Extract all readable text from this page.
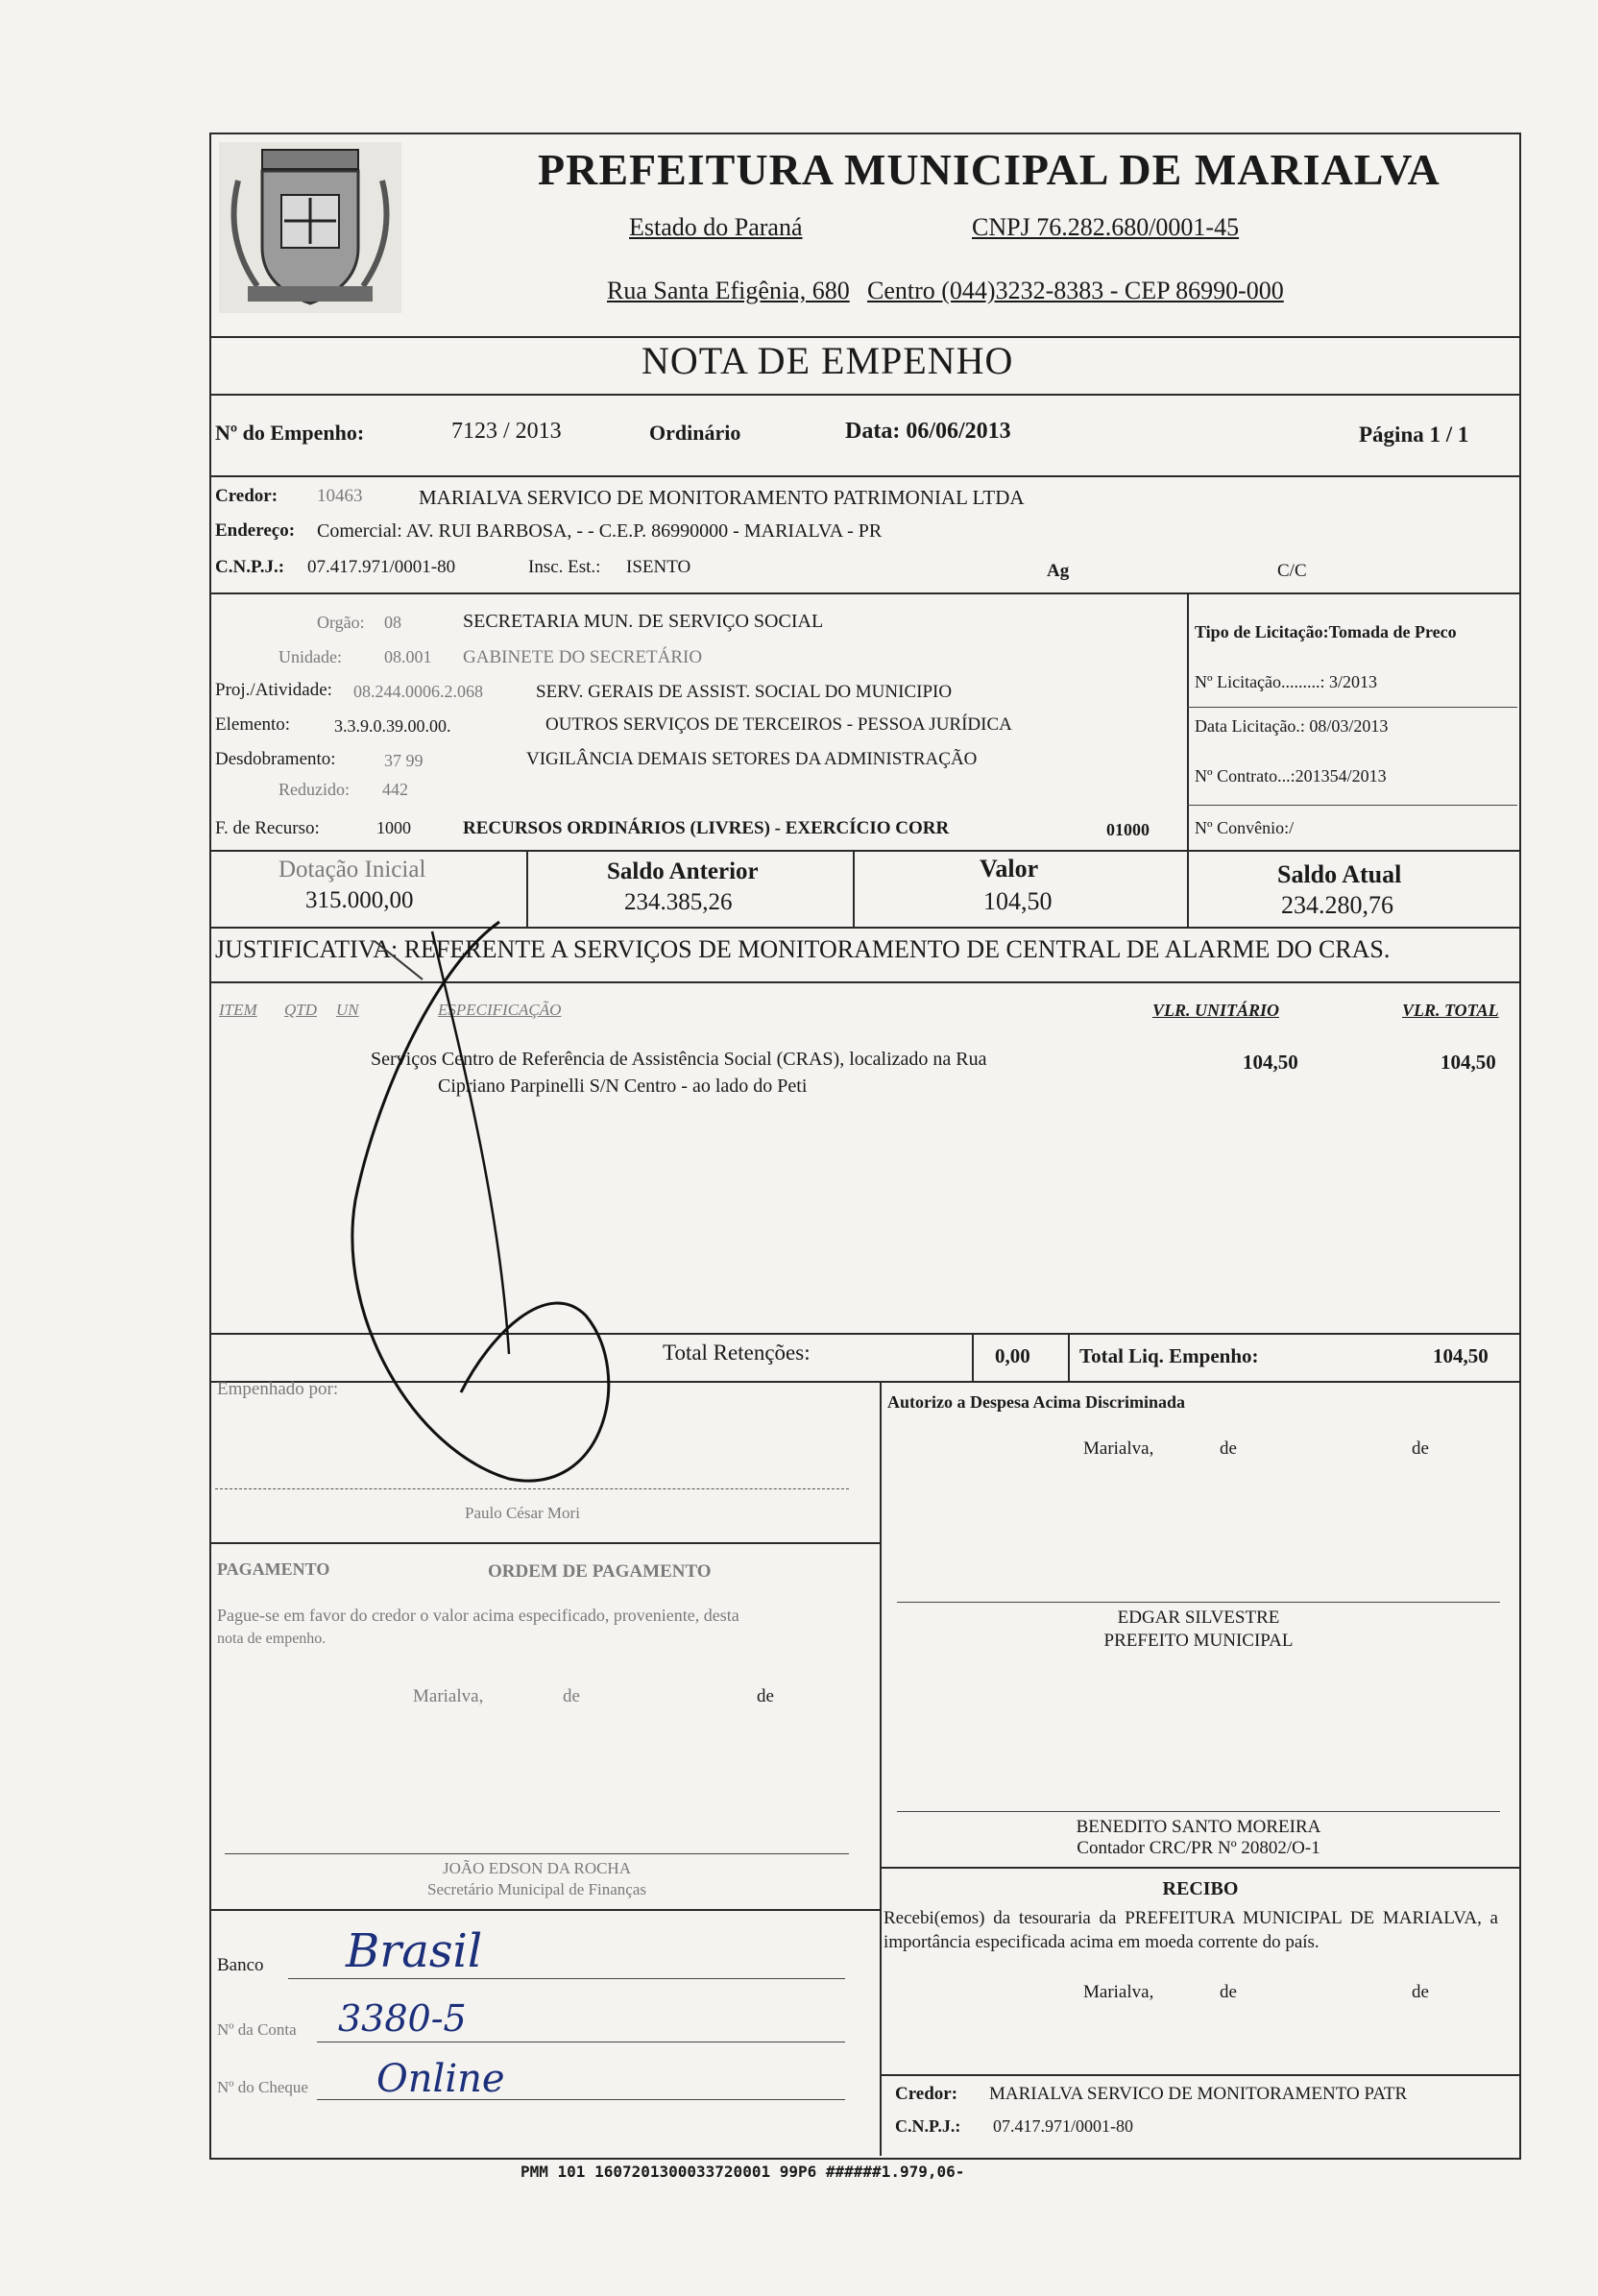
PREFEITURA MUNICIPAL DE MARIALVA
Estado do Paraná	CNPJ 76.282.680/0001-45
Rua Santa Efigênia, 680 Centro (044)3232-8383 - CEP 86990-000
NOTA DE EMPENHO
Nº do Empenho:	7123 / 2013	Ordinário	Data: 06/06/2013	Página 1 / 1
Credor: 10463	MARIALVA SERVICO DE MONITORAMENTO PATRIMONIAL LTDA
Endereço: Comercial: AV. RUI BARBOSA, - - C.E.P. 86990000 - MARIALVA - PR
C.N.P.J.: 07.417.971/0001-80	Insc. Est.: ISENTO	Ag	C/C
Orgão: 08	SECRETARIA MUN. DE SERVIÇO SOCIAL
Unidade: 08.001 GABINETE DO SECRETÁRIO
Proj./Atividade: 08.244.0006.2.068	SERV. GERAIS DE ASSIST. SOCIAL DO MUNICIPIO
Elemento:	3.3.9.0.39.00.00.	OUTROS SERVIÇOS DE TERCEIROS - PESSOA JURÍDICA
Desdobramento:	37 99	VIGILÂNCIA DEMAIS SETORES DA ADMINISTRAÇÃO
Reduzido: 442
F. de Recurso:	1000	RECURSOS ORDINÁRIOS (LIVRES) - EXERCÍCIO CORR	01000
Tipo de Licitação:Tomada de Preco
Nº Licitação.........: 3/2013
Data Licitação.: 08/03/2013
Nº Contrato...:201354/2013
Nº Convênio:/
Dotação Inicial
315.000,00
Saldo Anterior
234.385,26
Valor
104,50
Saldo Atual
234.280,76
JUSTIFICATIVA: REFERENTE A SERVIÇOS DE MONITORAMENTO DE CENTRAL DE ALARME DO CRAS.
ITEM QTD UN	ESPECIFICAÇÃO	VLR. UNITÁRIO	VLR. TOTAL
Serviços Centro de Referência de Assistência Social (CRAS), localizado na Rua
Cipriano Parpinelli S/N Centro - ao lado do Peti
104,50	104,50
Total Retenções:	0,00 Total Liq. Empenho:	104,50
Empenhado por:
Paulo César Mori
Autorizo a Despesa Acima Discriminada
Marialva,	de	de
PAGAMENTO	ORDEM DE PAGAMENTO
Pague-se em favor do credor o valor acima especificado, proveniente, desta
nota de empenho.
Marialva,	de	de
EDGAR SILVESTRE
PREFEITO MUNICIPAL
BENEDITO SANTO MOREIRA
Contador CRC/PR Nº 20802/O-1
RECIBO
Recebi(emos) da tesouraria da PREFEITURA MUNICIPAL DE MARIALVA, a importância especificada acima em moeda corrente do país.
Marialva,	de	de
JOÃO EDSON DA ROCHA
Secretário Municipal de Finanças
Banco Brasil
Nº da Conta 3380-5
Nº do Cheque Online	Credor: MARIALVA SERVICO DE MONITORAMENTO PATR
C.N.P.J.: 07.417.971/0001-80
PMM 101 1607201300033720001 99P6 ######1.979,06-
